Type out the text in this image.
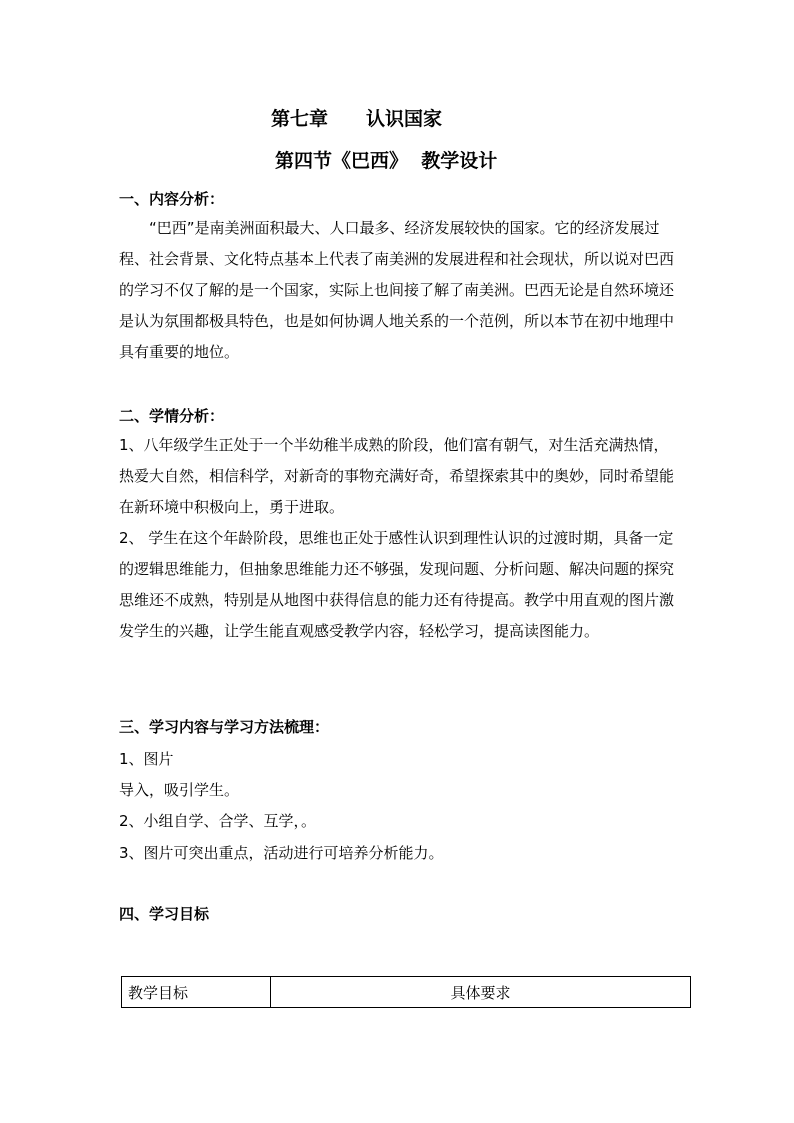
第七章 认识国家
第四节《巴西》  教学设计
一、内容分析：
“巴西”是南美洲面积最大、人口最多、经济发展较快的国家。它的经济发展过程、社会背景、文化特点基本上代表了南美洲的发展进程和社会现状，所以说对巴西的学习不仅了解的是一个国家，实际上也间接了解了南美洲。巴西无论是自然环境还是认为氛围都极具特色，也是如何协调人地关系的一个范例，所以本节在初中地理中具有重要的地位。
二、学情分析：
1、八年级学生正处于一个半幼稚半成熟的阶段，他们富有朝气，对生活充满热情，热爱大自然，相信科学，对新奇的事物充满好奇，希望探索其中的奥妙，同时希望能在新环境中积极向上，勇于进取。
2、 学生在这个年龄阶段，思维也正处于感性认识到理性认识的过渡时期，具备一定的逻辑思维能力，但抽象思维能力还不够强，发现问题、分析问题、解决问题的探究思维还不成熟，特别是从地图中获得信息的能力还有待提高。教学中用直观的图片激发学生的兴趣，让学生能直观感受教学内容，轻松学习，提高读图能力。
三、学习内容与学习方法梳理：
1、图片
导入，吸引学生。
2、小组自学、合学、互学，。
3、图片可突出重点，活动进行可培养分析能力。
四、学习目标
教学目标	具体要求
